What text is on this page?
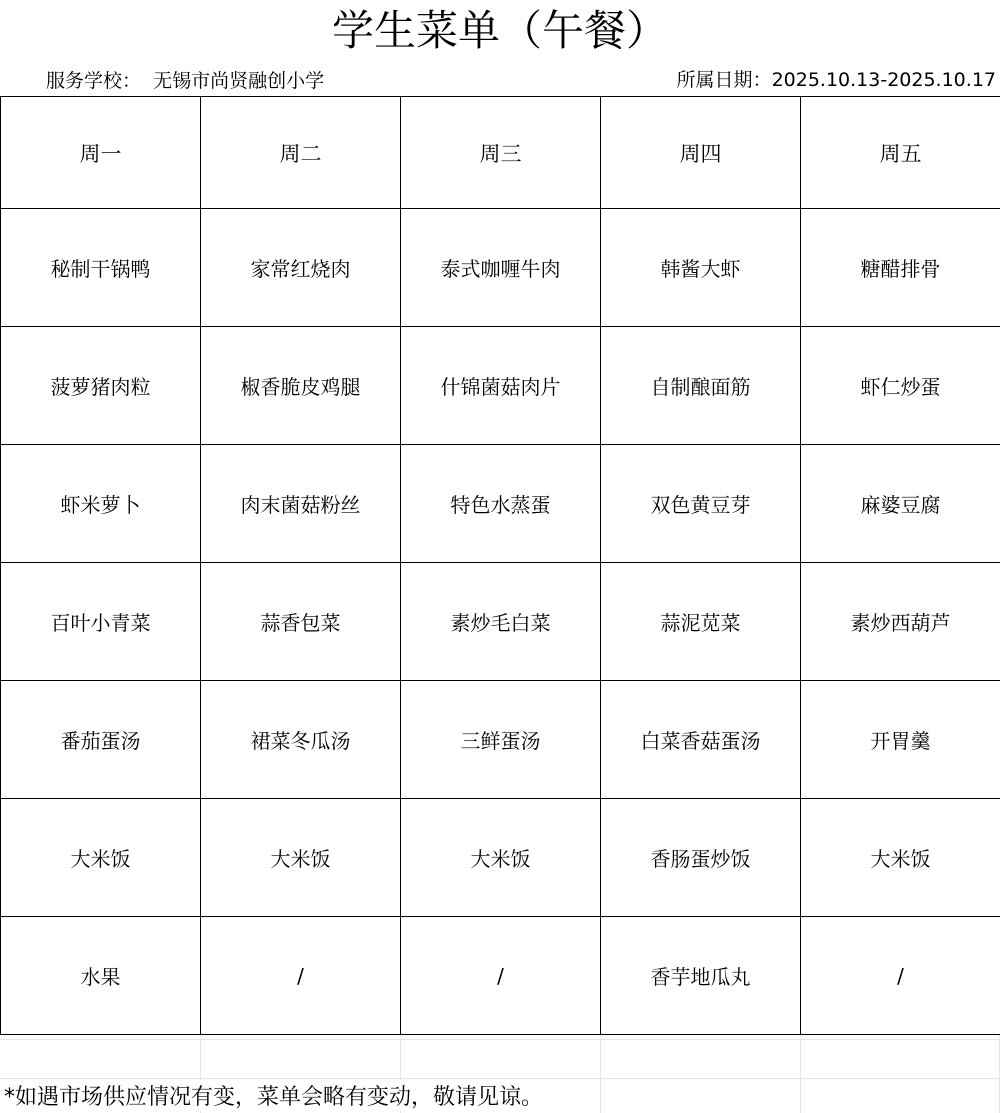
学生菜单（午餐）
服务学校： 无锡市尚贤融创小学	所属日期：2025.10.13-2025.10.17
周一	周二	周三	周四	周五
秘制干锅鸭	家常红烧肉	泰式咖喱牛肉	韩酱大虾	糖醋排骨
菠萝猪肉粒	椒香脆皮鸡腿	什锦菌菇肉片	自制酿面筋	虾仁炒蛋
虾米萝卜	肉末菌菇粉丝	特色水蒸蛋	双色黄豆芽	麻婆豆腐
百叶小青菜	蒜香包菜	素炒毛白菜	蒜泥苋菜	素炒西葫芦
番茄蛋汤	裙菜冬瓜汤	三鲜蛋汤	白菜香菇蛋汤	开胃羹
大米饭	大米饭	大米饭	香肠蛋炒饭	大米饭
水果	/	/	香芋地瓜丸	/
*如遇市场供应情况有变，菜单会略有变动，敬请见谅。
